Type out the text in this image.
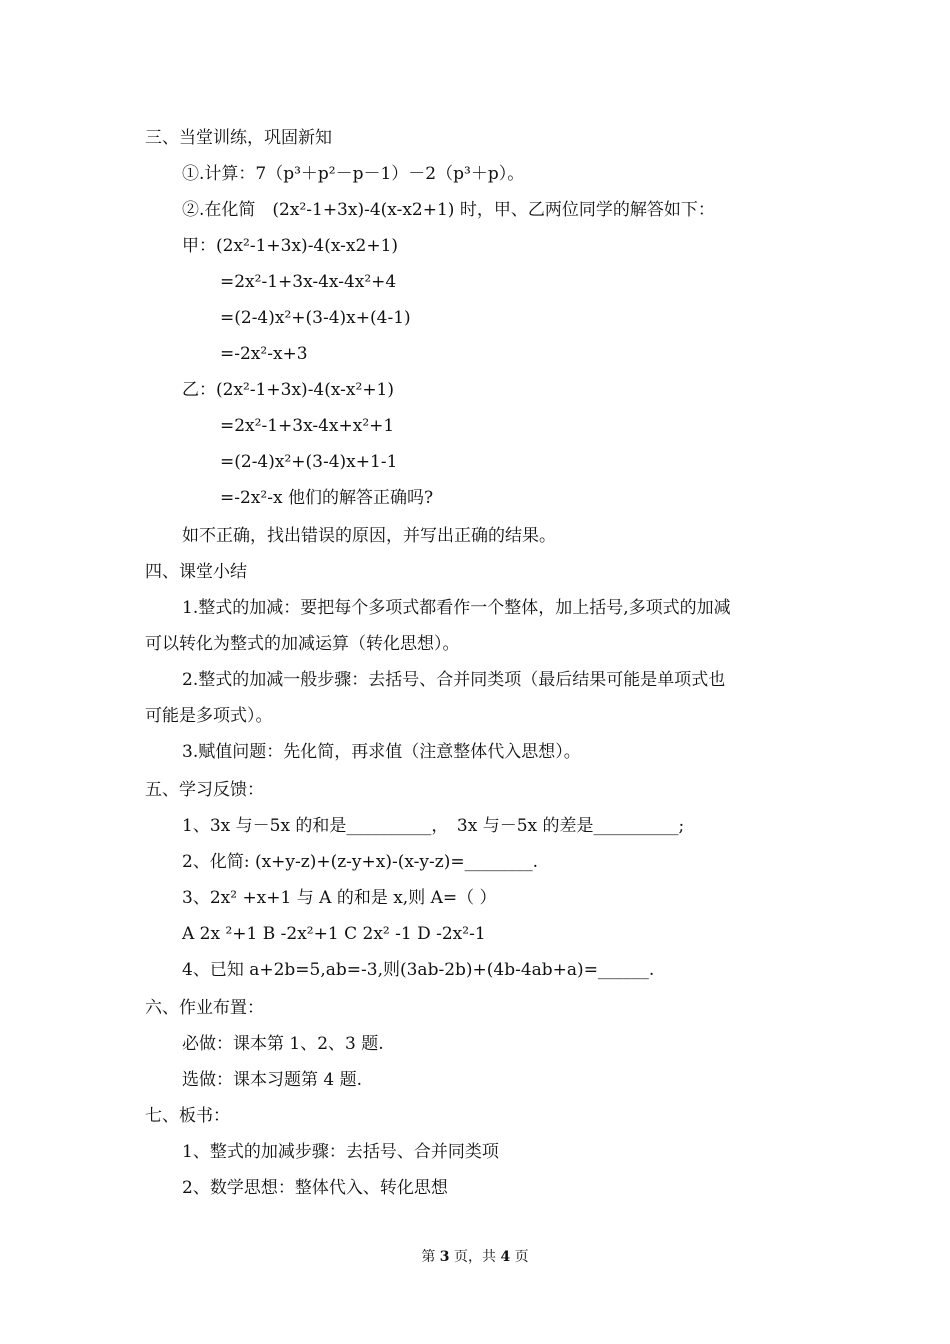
三、当堂训练，巩固新知
①.计算：7（p³＋p²－p－1）－2（p³＋p）。
②.在化简　(2x²-1+3x)-4(x-x2+1) 时，甲、乙两位同学的解答如下：
甲：(2x²-1+3x)-4(x-x2+1)
=2x²-1+3x-4x-4x²+4
=(2-4)x²+(3-4)x+(4-1)
=-2x²-x+3
乙：(2x²-1+3x)-4(x-x²+1)
=2x²-1+3x-4x+x²+1
=(2-4)x²+(3-4)x+1-1
=-2x²-x 他们的解答正确吗?
如不正确，找出错误的原因，并写出正确的结果。
四、课堂小结
1.整式的加减：要把每个多项式都看作一个整体，加上括号,多项式的加减
可以转化为整式的加减运算（转化思想）。
2.整式的加减一般步骤：去括号、合并同类项（最后结果可能是单项式也
可能是多项式）。
3.赋值问题：先化简，再求值（注意整体代入思想）。
五、学习反馈：
1、3x 与－5x 的和是__________，　3x 与－5x 的差是__________;
2、化简: (x+y-z)+(z-y+x)-(x-y-z)=________.
3、2x² +x+1 与 A 的和是 x,则 A=（ ）
A 2x ²+1 B -2x²+1 C 2x² -1 D -2x²-1
4、已知 a+2b=5,ab=-3,则(3ab-2b)+(4b-4ab+a)=______.
六、作业布置：
必做：课本第 1、2、3 题.
选做：课本习题第 4 题.
七、板书：
1、整式的加减步骤：去括号、合并同类项
2、数学思想：整体代入、转化思想
第 3 页，共 4 页
